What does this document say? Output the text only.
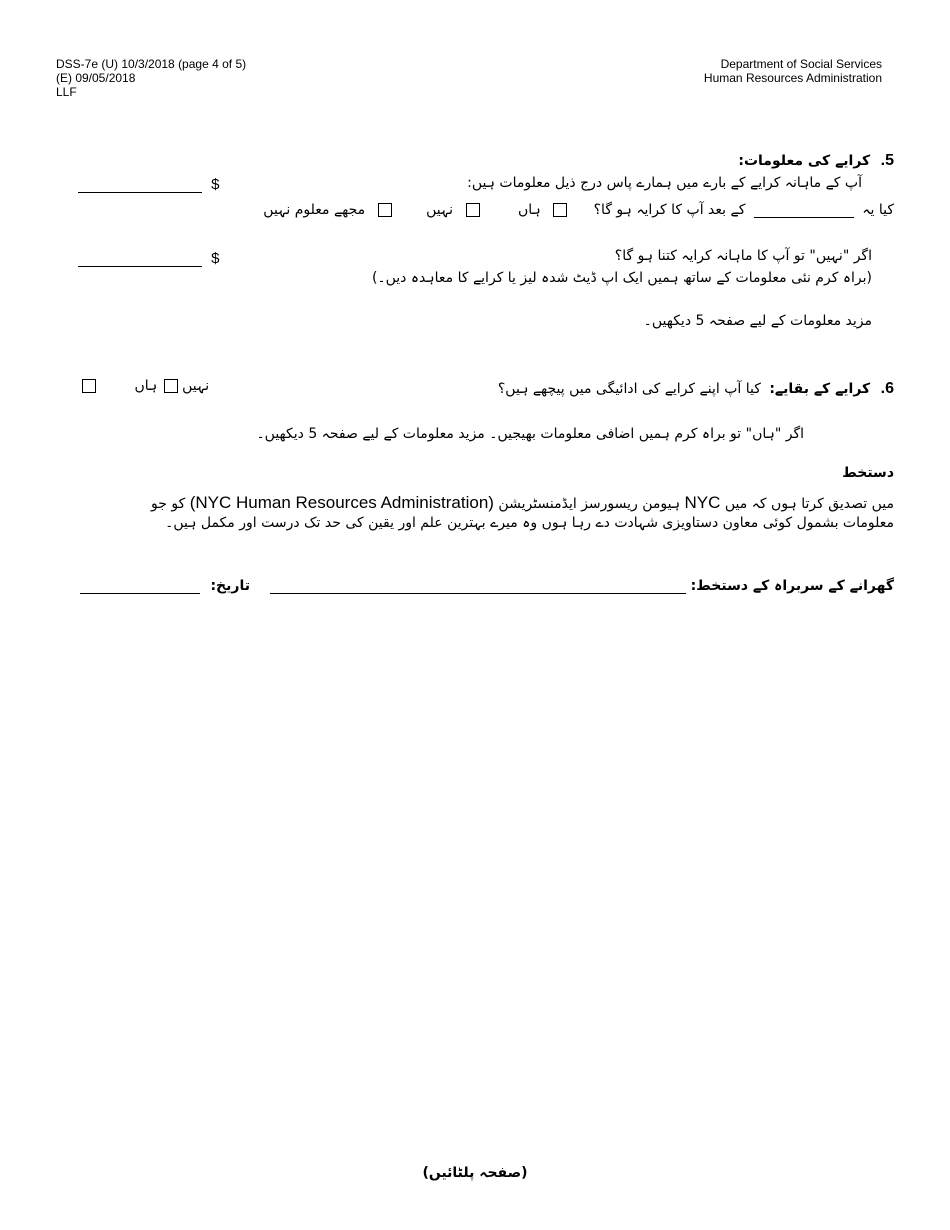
DSS-7e (U) 10/3/2018 (page 4 of 5)
(E) 09/05/2018
LLF
Department of Social Services
Human Resources Administration
5. کرایے کی معلومات:
آپ کے ماہانہ کرایے کے بارے میں ہمارے پاس درج ذیل معلومات ہیں:
$
کیا یہ  کے بعد آپ کا کرایہ ہو گا؟  ہاں  نہیں  مجھے معلوم نہیں
اگر "نہیں" تو آپ کا ماہانہ کرایہ کتنا ہو گا؟
$
(براہ کرم نئی معلومات کے ساتھ ہمیں ایک اپ ڈیٹ شدہ لیز یا کرایے کا معاہدہ دیں۔)
مزید معلومات کے لیے صفحہ 5 دیکھیں۔
6. کرایے کے بقایے: کیا آپ اپنے کرایے کی ادائیگی میں پیچھے ہیں؟
نہیں  ہاں
اگر "ہاں" تو براہ کرم ہمیں اضافی معلومات بھیجیں۔ مزید معلومات کے لیے صفحہ 5 دیکھیں۔
دستخط
میں تصدیق کرتا ہوں کہ میں NYC ہیومن ریسورسز ایڈمنسٹریشن (NYC Human Resources Administration) کو جو
معلومات بشمول کوئی معاون دستاویزی شہادت دے رہا ہوں وہ میرے بہترین علم اور یقین کی حد تک درست اور مکمل ہیں۔
گھرانے کے سربراہ کے دستخط:
تاریخ:
(صفحہ پلٹائیں)
